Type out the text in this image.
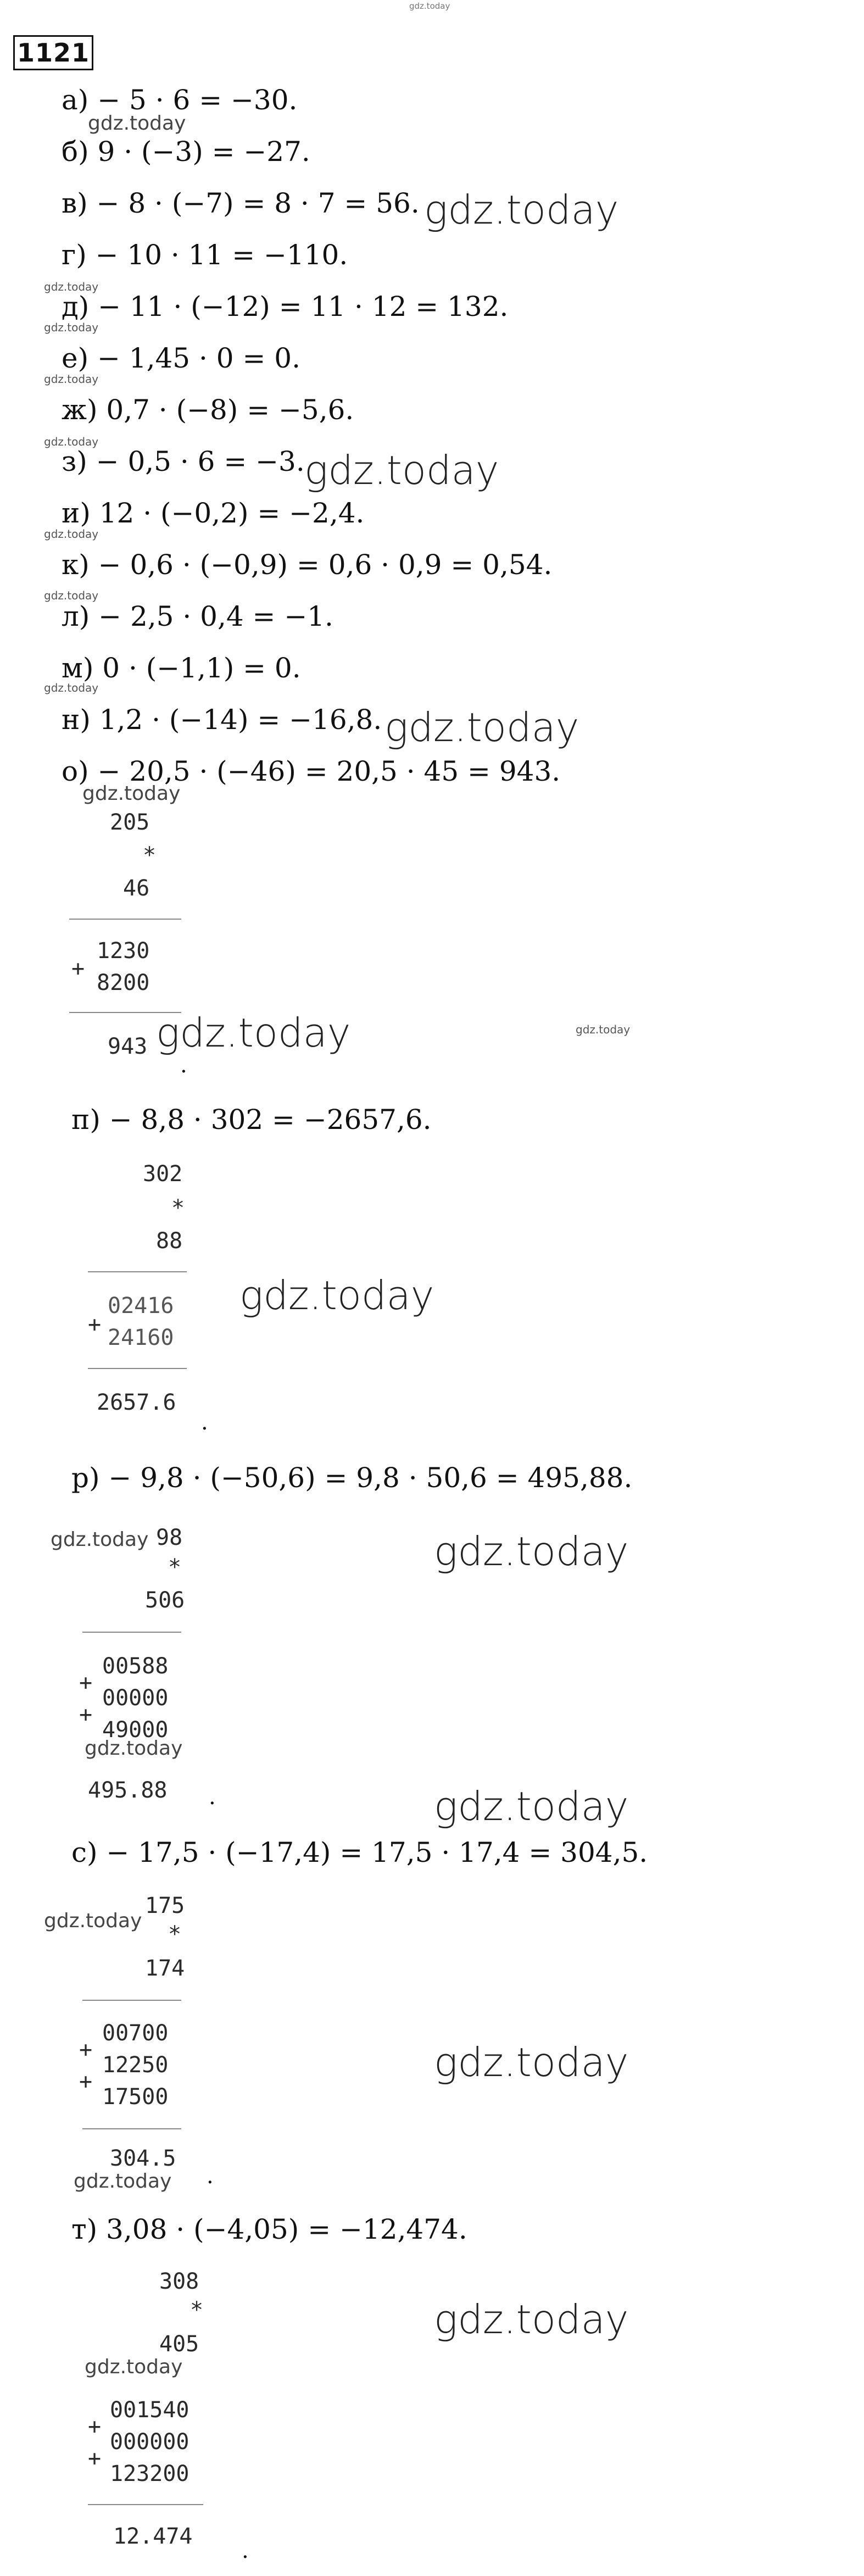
gdz.today
1121
а) − 5 · 6 = −30.
gdz.today
б) 9 · (−3) = −27.
в) − 8 · (−7) = 8 · 7 = 56. gdz.today
г) − 10 · 11 = −110.
gdz.today
д) − 11 · (−12) = 11 · 12 = 132.
gdz.today
е) − 1,45 · 0 = 0.
gdz.today
ж) 0,7 · (−8) = −5,6.
gdz.today
з) − 0,5 · 6 = −3. gdz.today
и) 12 · (−0,2) = −2,4.
gdz.today
к) − 0,6 · (−0,9) = 0,6 · 0,9 = 0,54.
gdz.today
л) − 2,5 · 0,4 = −1.
м) 0 · (−1,1) = 0.
gdz.today
н) 1,2 · (−14) = −16,8. gdz.today
о) − 20,5 · (−46) = 20,5 · 45 = 943.
gdz.today
205
*
46
1230
+
8200
943 gdz.today	gdz.today
.
п) − 8,8 · 302 = −2657,6.
302
*
88
02416
+
24160
gdz.today
2657.6
.
р) − 9,8 · (−50,6) = 9,8 · 50,6 = 495,88.
gdz.today 98
*
506
gdz.today
00588
+
00000
+
49000
gdz.today
495.88	gdz.today
.
с) − 17,5 · (−17,4) = 17,5 · 17,4 = 304,5.
gdz.today
175
*
174
00700
+
12250
+
17500
gdz.today
304.5
gdz.today .
т) 3,08 · (−4,05) = −12,474.
308
*
405
gdz.today
gdz.today
001540
+
000000
+
123200
12.474
.
